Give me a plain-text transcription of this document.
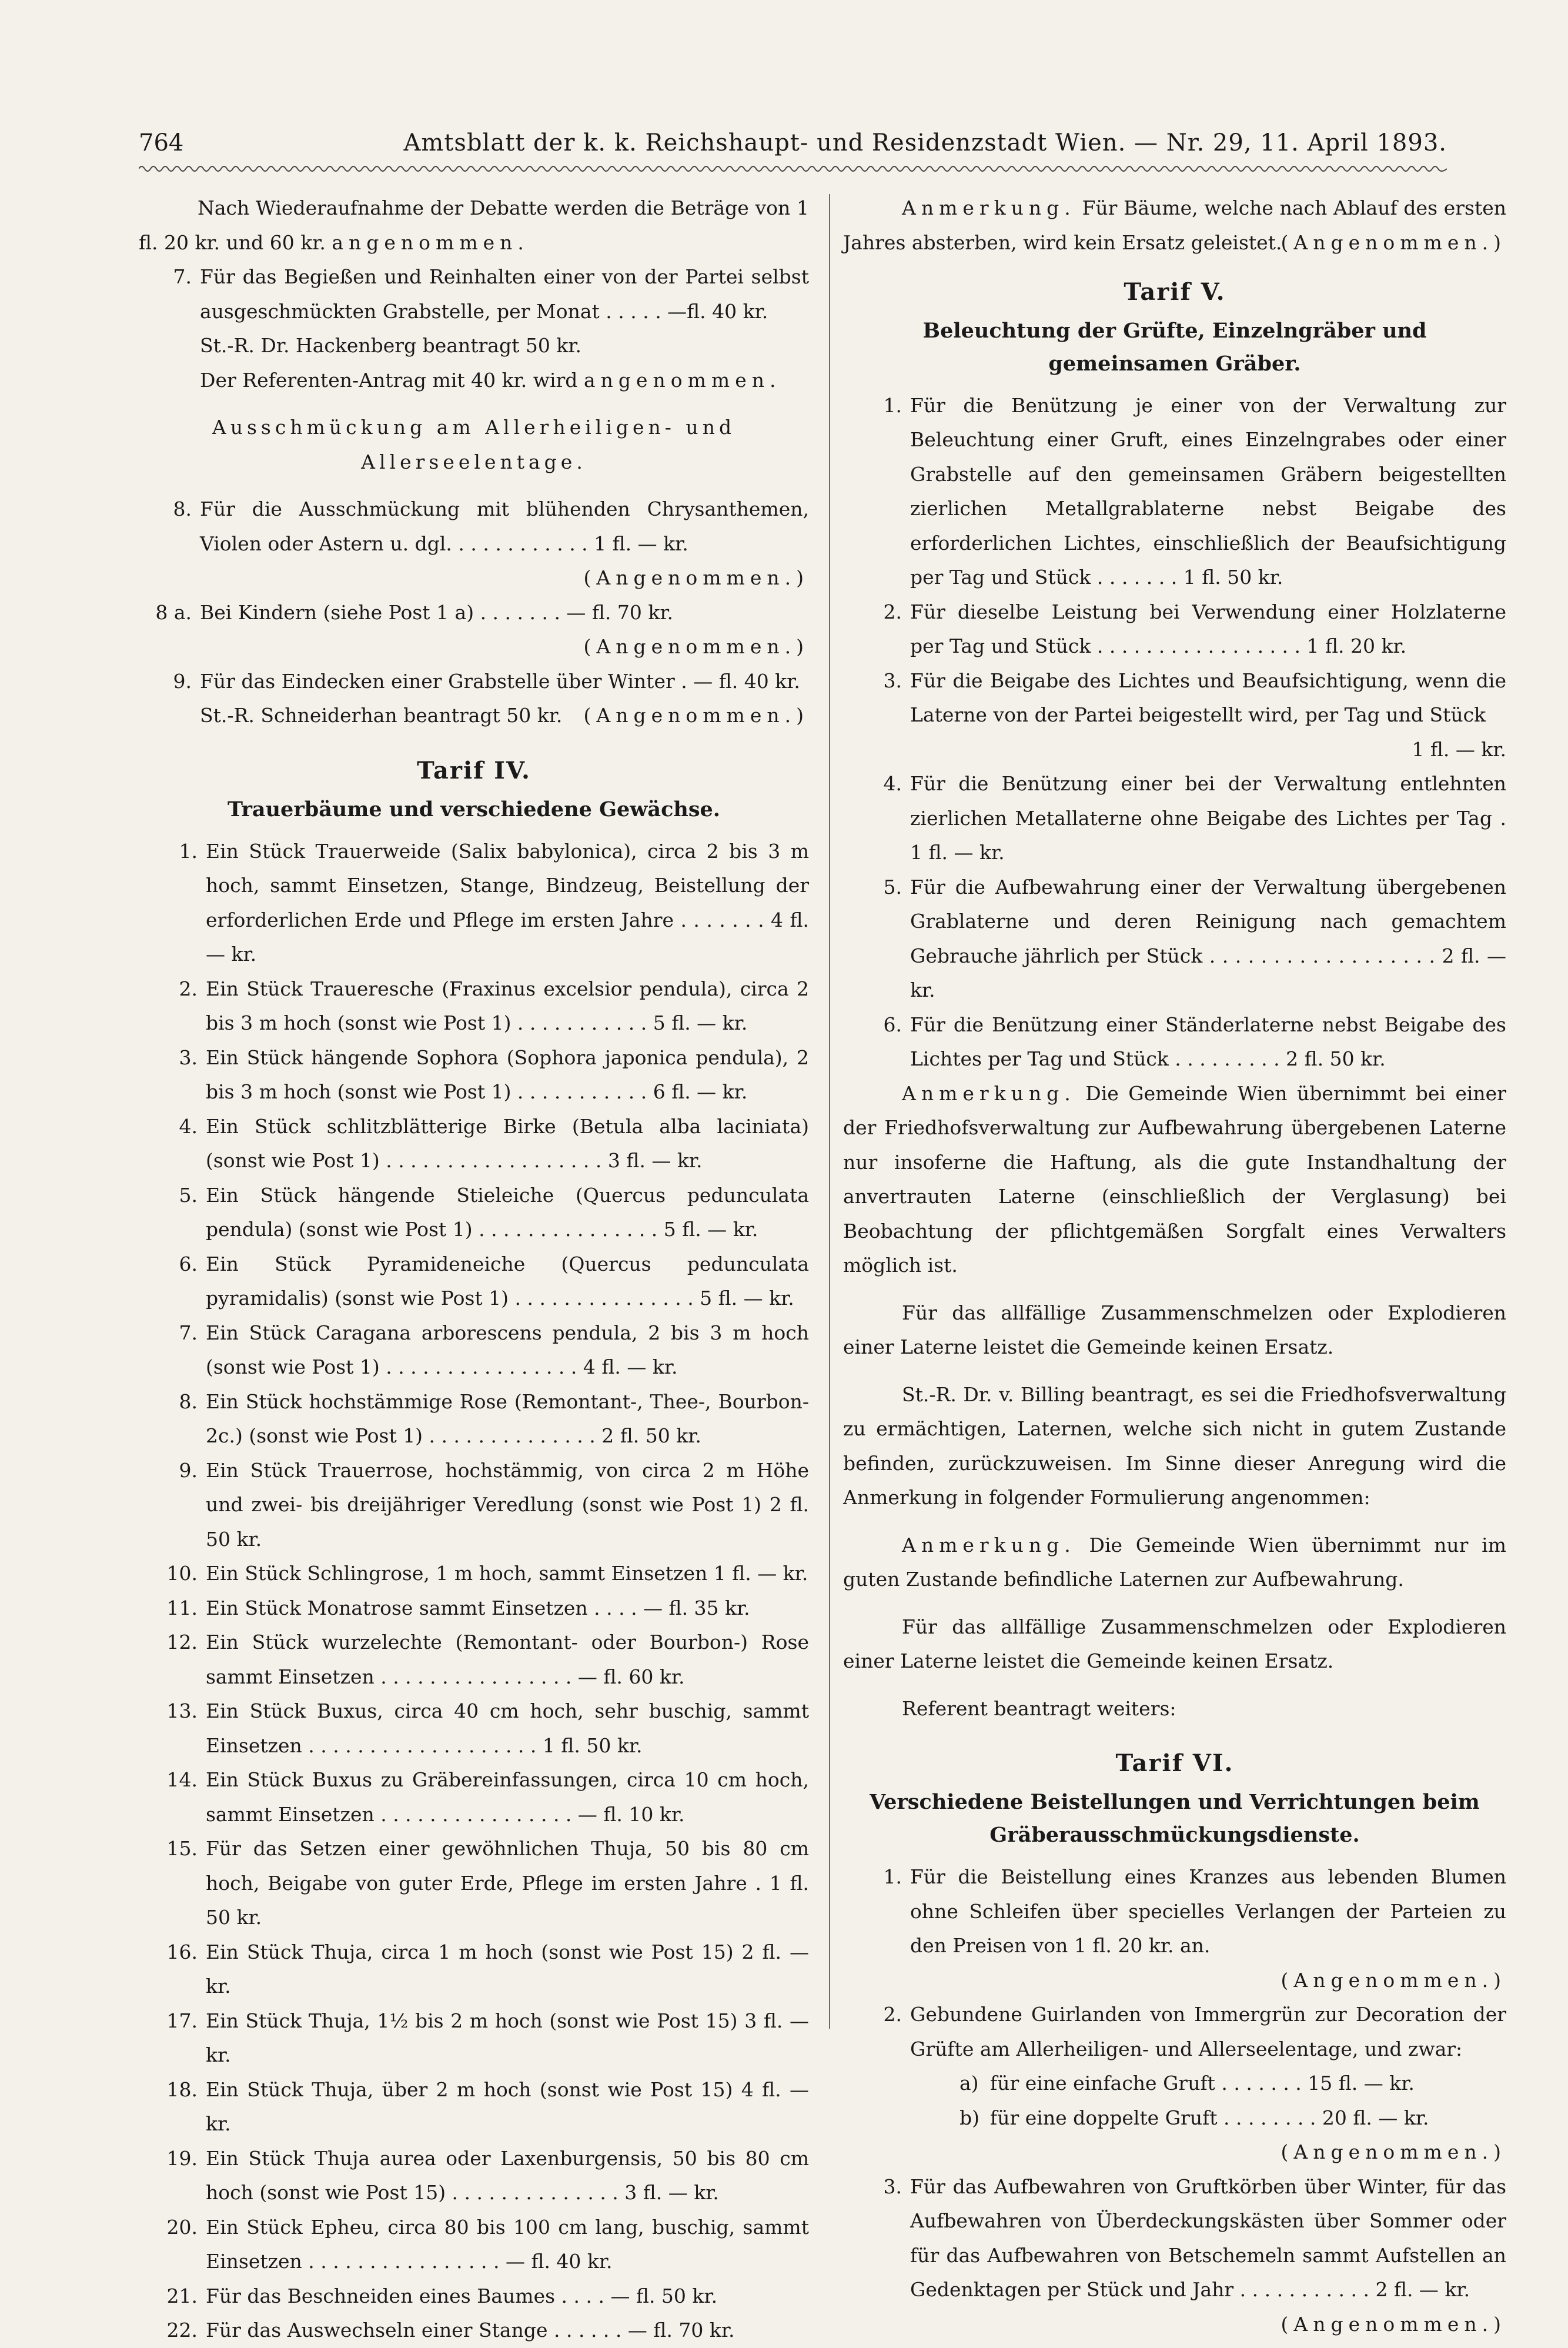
764	Amtsblatt der k. k. Reichshaupt- und Residenzstadt Wien. — Nr. 29, 11. April 1893.

Nach Wiederaufnahme der Debatte werden die Beträge von 1 fl. 20 kr. und 60 kr. angenommen.

7. Für das Begießen und Reinhalten einer von der Partei selbst ausgeschmückten Grabstelle, per Monat . . . . . —fl. 40 kr.

St.-R. Dr. Hackenberg beantragt 50 kr.

Der Referenten-Antrag mit 40 kr. wird angenommen.

Ausschmückung am Allerheiligen- und Allerseelentage.

8. Für die Ausschmückung mit blühenden Chrysanthemen, Violen oder Astern u. dgl. . . . . . . . . . . . 1 fl. — kr.
(Angenommen.)
8 a. Bei Kindern (siehe Post 1 a) . . . . . . . — fl. 70 kr.
(Angenommen.)
9. Für das Eindecken einer Grabstelle über Winter . — fl. 40 kr.

St.-R. Schneiderhan beantragt 50 kr. (Angenommen.)

Tarif IV.
Trauerbäume und verschiedene Gewächse.
1. Ein Stück Trauerweide (Salix babylonica), circa 2 bis 3 m hoch, sammt Einsetzen, Stange, Bindzeug, Beistellung der erforderlichen Erde und Pflege im ersten Jahre . . . . . . . 4 fl. — kr.
2. Ein Stück Traueresche (Fraxinus excelsior pendula), circa 2 bis 3 m hoch (sonst wie Post 1) . . . . . . . . . . . 5 fl. — kr.
3. Ein Stück hängende Sophora (Sophora japonica pendula), 2 bis 3 m hoch (sonst wie Post 1) . . . . . . . . . . . 6 fl. — kr.
4. Ein Stück schlitzblätterige Birke (Betula alba laciniata) (sonst wie Post 1) . . . . . . . . . . . . . . . . . . 3 fl. — kr.
5. Ein Stück hängende Stieleiche (Quercus pedunculata pendula) (sonst wie Post 1) . . . . . . . . . . . . . . . 5 fl. — kr.
6. Ein Stück Pyramideneiche (Quercus pedunculata pyramidalis) (sonst wie Post 1) . . . . . . . . . . . . . . . 5 fl. — kr.
7. Ein Stück Caragana arborescens pendula, 2 bis 3 m hoch (sonst wie Post 1) . . . . . . . . . . . . . . . . 4 fl. — kr.
8. Ein Stück hochstämmige Rose (Remontant-, Thee-, Bourbon- 2c.) (sonst wie Post 1) . . . . . . . . . . . . . . 2 fl. 50 kr.
9. Ein Stück Trauerrose, hochstämmig, von circa 2 m Höhe und zwei- bis dreijähriger Veredlung (sonst wie Post 1) 2 fl. 50 kr.
10. Ein Stück Schlingrose, 1 m hoch, sammt Einsetzen 1 fl. — kr.
11. Ein Stück Monatrose sammt Einsetzen . . . . — fl. 35 kr.
12. Ein Stück wurzelechte (Remontant- oder Bourbon-) Rose sammt Einsetzen . . . . . . . . . . . . . . . . — fl. 60 kr.
13. Ein Stück Buxus, circa 40 cm hoch, sehr buschig, sammt Einsetzen . . . . . . . . . . . . . . . . . . . 1 fl. 50 kr.
14. Ein Stück Buxus zu Gräbereinfassungen, circa 10 cm hoch, sammt Einsetzen . . . . . . . . . . . . . . . . — fl. 10 kr.
15. Für das Setzen einer gewöhnlichen Thuja, 50 bis 80 cm hoch, Beigabe von guter Erde, Pflege im ersten Jahre . 1 fl. 50 kr.
16. Ein Stück Thuja, circa 1 m hoch (sonst wie Post 15) 2 fl. — kr.
17. Ein Stück Thuja, 1½ bis 2 m hoch (sonst wie Post 15) 3 fl. — kr.
18. Ein Stück Thuja, über 2 m hoch (sonst wie Post 15) 4 fl. — kr.
19. Ein Stück Thuja aurea oder Laxenburgensis, 50 bis 80 cm hoch (sonst wie Post 15) . . . . . . . . . . . . . . 3 fl. — kr.
20. Ein Stück Epheu, circa 80 bis 100 cm lang, buschig, sammt Einsetzen . . . . . . . . . . . . . . . . — fl. 40 kr.
21. Für das Beschneiden eines Baumes . . . . — fl. 50 kr.
22. Für das Auswechseln einer Stange . . . . . . — fl. 70 kr.

Anmerkung. Für Bäume, welche nach Ablauf des ersten Jahres absterben, wird kein Ersatz geleistet.

(Angenommen.)
Tarif V.
Beleuchtung der Grüfte, Einzelngräber und gemeinsamen Gräber.
1. Für die Benützung je einer von der Verwaltung zur Beleuchtung einer Gruft, eines Einzelngrabes oder einer Grabstelle auf den gemeinsamen Gräbern beigestellten zierlichen Metallgrablaterne nebst Beigabe des erforderlichen Lichtes, einschließlich der Beaufsichtigung per Tag und Stück . . . . . . . 1 fl. 50 kr.
2. Für dieselbe Leistung bei Verwendung einer Holzlaterne per Tag und Stück . . . . . . . . . . . . . . . . . 1 fl. 20 kr.
3. Für die Beigabe des Lichtes und Beaufsichtigung, wenn die Laterne von der Partei beigestellt wird, per Tag und Stück
1 fl. — kr.
4. Für die Benützung einer bei der Verwaltung entlehnten zierlichen Metallaterne ohne Beigabe des Lichtes per Tag . 1 fl. — kr.
5. Für die Aufbewahrung einer der Verwaltung übergebenen Grablaterne und deren Reinigung nach gemachtem Gebrauche jährlich per Stück . . . . . . . . . . . . . . . . . . 2 fl. — kr.
6. Für die Benützung einer Ständerlaterne nebst Beigabe des Lichtes per Tag und Stück . . . . . . . . . 2 fl. 50 kr.

Anmerkung. Die Gemeinde Wien übernimmt bei einer der Friedhofsverwaltung zur Aufbewahrung übergebenen Laterne nur insoferne die Haftung, als die gute Instandhaltung der anvertrauten Laterne (einschließlich der Verglasung) bei Beobachtung der pflichtgemäßen Sorgfalt eines Verwalters möglich ist.

Für das allfällige Zusammenschmelzen oder Explodieren einer Laterne leistet die Gemeinde keinen Ersatz.

St.-R. Dr. v. Billing beantragt, es sei die Friedhofsverwaltung zu ermächtigen, Laternen, welche sich nicht in gutem Zustande befinden, zurückzuweisen. Im Sinne dieser Anregung wird die Anmerkung in folgender Formulierung angenommen:

Anmerkung. Die Gemeinde Wien übernimmt nur im guten Zustande befindliche Laternen zur Aufbewahrung.

Für das allfällige Zusammenschmelzen oder Explodieren einer Laterne leistet die Gemeinde keinen Ersatz.

Referent beantragt weiters:

Tarif VI.
Verschiedene Beistellungen und Verrichtungen beim Gräberausschmückungsdienste.
1. Für die Beistellung eines Kranzes aus lebenden Blumen ohne Schleifen über specielles Verlangen der Parteien zu den Preisen von 1 fl. 20 kr. an.
(Angenommen.)
2. Gebundene Guirlanden von Immergrün zur Decoration der Grüfte am Allerheiligen- und Allerseelentage, und zwar:
a) für eine einfache Gruft . . . . . . . 15 fl. — kr.
b) für eine doppelte Gruft . . . . . . . . 20 fl. — kr.
(Angenommen.)
3. Für das Aufbewahren von Gruftkörben über Winter, für das Aufbewahren von Überdeckungskästen über Sommer oder für das Aufbewahren von Betschemeln sammt Aufstellen an Gedenktagen per Stück und Jahr . . . . . . . . . . . 2 fl. — kr.
(Angenommen.)
